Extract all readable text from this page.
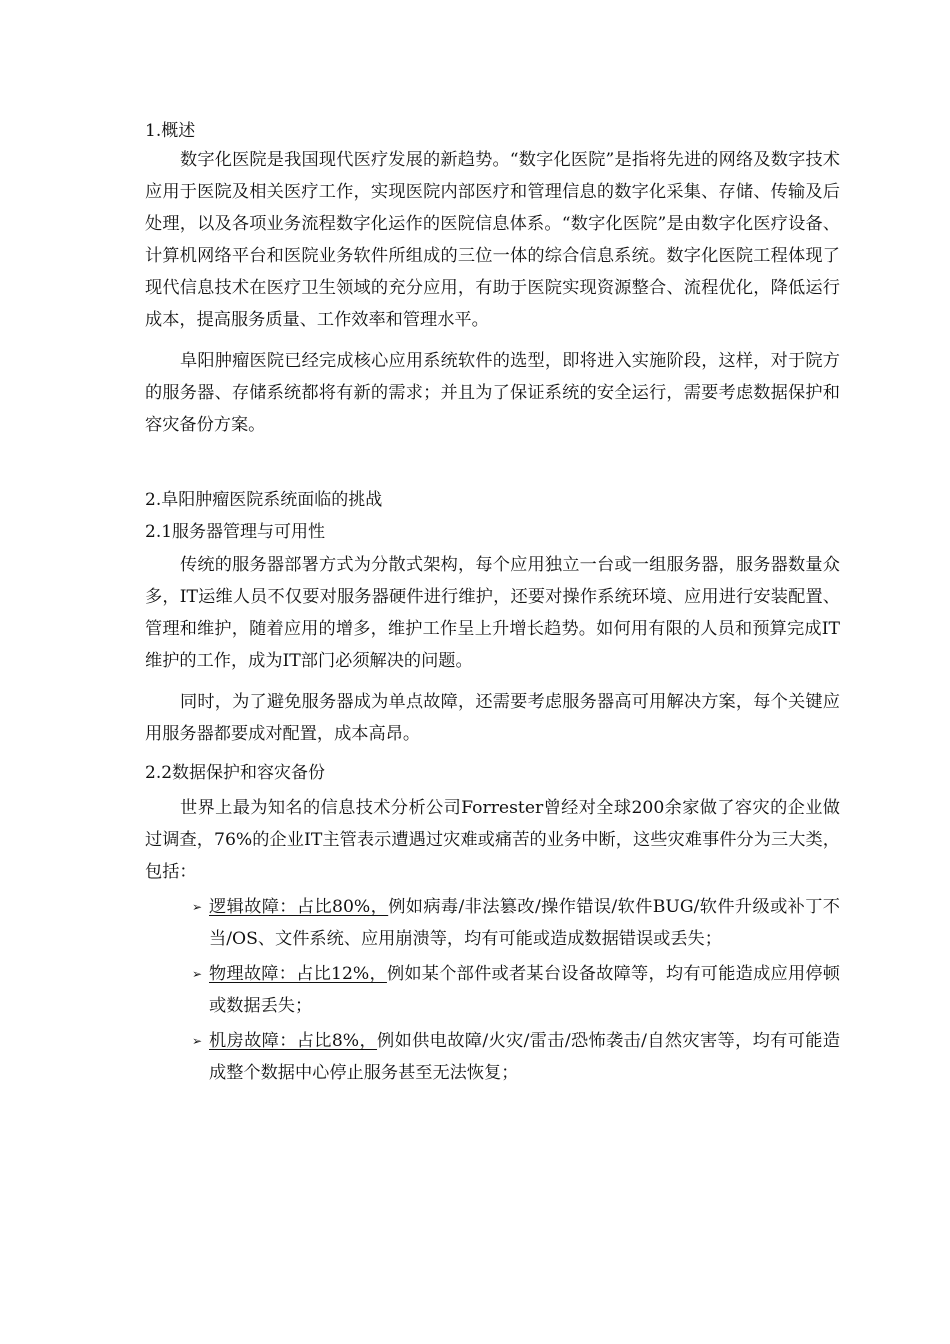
1.概述

数字化医院是我国现代医疗发展的新趋势。“数字化医院”是指将先进的网络及数字技术应用于医院及相关医疗工作，实现医院内部医疗和管理信息的数字化采集、存储、传输及后处理，以及各项业务流程数字化运作的医院信息体系。“数字化医院”是由数字化医疗设备、计算机网络平台和医院业务软件所组成的三位一体的综合信息系统。数字化医院工程体现了现代信息技术在医疗卫生领域的充分应用，有助于医院实现资源整合、流程优化，降低运行成本，提高服务质量、工作效率和管理水平。

阜阳肿瘤医院已经完成核心应用系统软件的选型，即将进入实施阶段，这样，对于院方的服务器、存储系统都将有新的需求；并且为了保证系统的安全运行，需要考虑数据保护和容灾备份方案。

2.阜阳肿瘤医院系统面临的挑战

2.1服务器管理与可用性

传统的服务器部署方式为分散式架构，每个应用独立一台或一组服务器，服务器数量众多，IT运维人员不仅要对服务器硬件进行维护，还要对操作系统环境、应用进行安装配置、管理和维护，随着应用的增多，维护工作呈上升增长趋势。如何用有限的人员和预算完成IT维护的工作，成为IT部门必须解决的问题。

同时，为了避免服务器成为单点故障，还需要考虑服务器高可用解决方案，每个关键应用服务器都要成对配置，成本高昂。

2.2数据保护和容灾备份

世界上最为知名的信息技术分析公司Forrester曾经对全球200余家做了容灾的企业做过调查，76%的企业IT主管表示遭遇过灾难或痛苦的业务中断，这些灾难事件分为三大类，包括：

➢ 逻辑故障：占比80%，例如病毒/非法篡改/操作错误/软件BUG/软件升级或补丁不当/OS、文件系统、应用崩溃等，均有可能或造成数据错误或丢失；
➢ 物理故障：占比12%，例如某个部件或者某台设备故障等，均有可能造成应用停顿或数据丢失；
➢ 机房故障：占比8%，例如供电故障/火灾/雷击/恐怖袭击/自然灾害等，均有可能造成整个数据中心停止服务甚至无法恢复；
